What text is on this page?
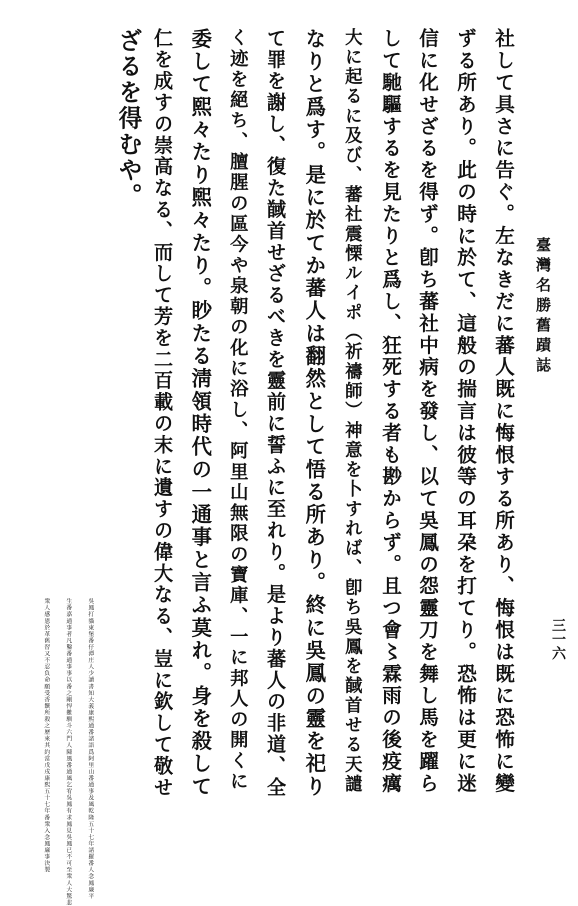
臺灣名勝舊蹟誌
三一六
社して具さに告ぐ。左なきだに蕃人既に悔恨する所あり、悔恨は既に恐怖に變
ずる所あり。此の時に於て、這般の揣言は彼等の耳朶を打てり。恐怖は更に迷
信に化せざるを得ず。卽ち蕃社中病を發し、以て吳鳳の怨靈刀を舞し馬を躍ら
して馳驅するを見たりと爲し、狂死する者も尠からず。且つ會〻霖雨の後疫癘
大に起るに及び、蕃社震慄ルイポ（祈禱師）神意を卜すれば、卽ち吳鳳を馘首せる天譴
なりと爲す。是に於てか蕃人は翻然として悟る所あり。終に吳鳳の靈を祀り
て罪を謝し、復た馘首せざるべきを靈前に誓ふに至れり。是より蕃人の非道、全
く迹を絕ち、膻腥の區今や泉朝の化に浴し、阿里山無限の寶庫、一に邦人の開くに
委して熙々たり煕々たり。眇たる淸領時代の一通事と言ふ莫れ。身を殺して
仁を成すの崇高なる、而して芳を二百載の末に遺すの偉大なる、豈に欽して敬せ
ざるを得むや。
吳鳳打貓東堡番仔潭庄人少讀書知大義康熙通番諸語爲阿里山番通事及風乾隆五十七年諸羅番人念鳳廉平
生番嘉通事者凡鑿番通事事以番之剛悍難馴斗六門人陳風番通風乞宥吳鳳有求鳳見吳鳳已不可至衆人大驚悲
衆人感恩於革舊習又不忍負命願受香饌所殺之歷來其約當戊戌康熙五十七年番衆入念鳳廉事決製
